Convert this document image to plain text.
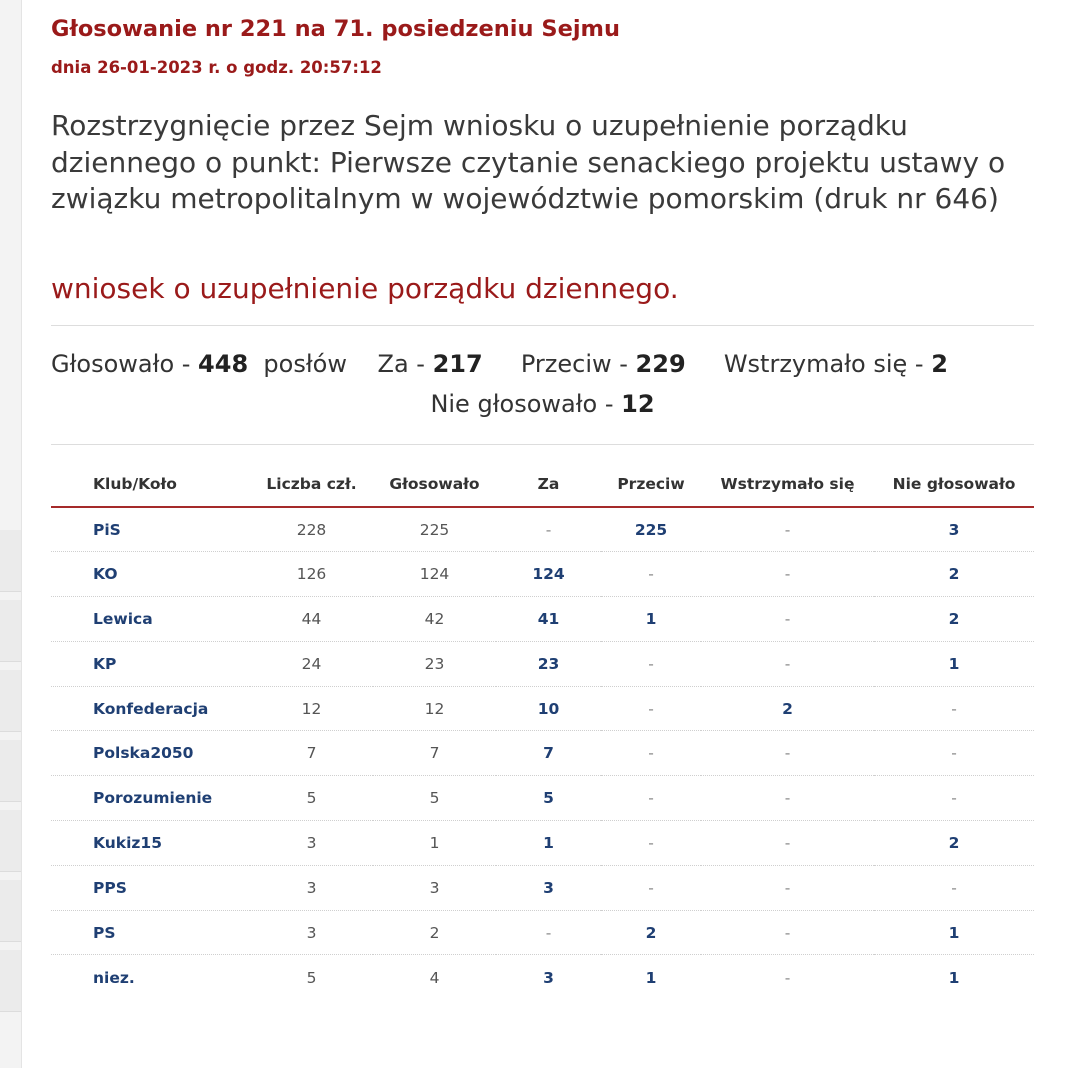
Głosowanie nr 221 na 71. posiedzeniu Sejmu
dnia 26-01-2023 r. o godz. 20:57:12
Rozstrzygnięcie przez Sejm wniosku o uzupełnienie porządku dziennego o punkt: Pierwsze czytanie senackiego projektu ustawy o związku metropolitalnym w województwie pomorskim (druk nr 646)
wniosek o uzupełnienie porządku dziennego.
Głosowało - 448 posłów Za - 217 Przeciw - 229 Wstrzymało się - 2
Nie głosowało - 12
Klub/Koło	Liczba czł.	Głosowało	Za	Przeciw	Wstrzymało się	Nie głosowało
PiS	228	225	-	225	-	3
KO	126	124	124	-	-	2
Lewica	44	42	41	1	-	2
KP	24	23	23	-	-	1
Konfederacja	12	12	10	-	2	-
Polska2050	7	7	7	-	-	-
Porozumienie	5	5	5	-	-	-
Kukiz15	3	1	1	-	-	2
PPS	3	3	3	-	-	-
PS	3	2	-	2	-	1
niez.	5	4	3	1	-	1
